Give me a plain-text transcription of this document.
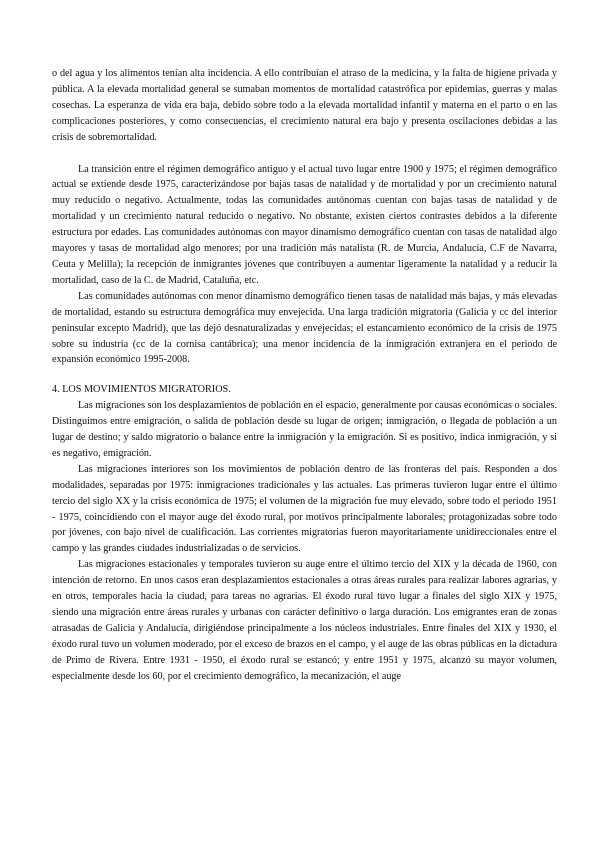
o del agua y los alimentos tenían alta incidencia. A ello contribuían el atraso de la medicina, y la falta de higiene privada y pública. A la elevada mortalidad general se sumaban momentos de mortalidad catastrófica por epidemias, guerras y malas cosechas. La esperanza de vida era baja, debido sobre todo a la elevada mortalidad infantil y materna en el parto o en las complicaciones posteriores, y como consecuencias, el crecimiento natural era bajo y presenta oscilaciones debidas a las crisis de sobremortalidad.

La transición entre el régimen demográfico antiguo y el actual tuvo lugar entre 1900 y 1975; el régimen demográfico actual se extiende desde 1975, caracterizándose por bajas tasas de natalidad y de mortalidad y por un crecimiento natural muy reducido o negativo. Actualmente, todas las comunidades autónomas cuentan con bajas tasas de natalidad y de mortalidad y un crecimiento natural reducido o negativo. No obstante, existen ciertos contrastes debidos a la diferente estructura por edades. Las comunidades autónomas con mayor dinamismo demográfico cuentan con tasas de natalidad algo mayores y tasas de mortalidad algo menores; por una tradición más natalista (R. de Murcia, Andalucía, C.F de Navarra, Ceuta y Melilla); la recepción de inmigrantes jóvenes que contribuyen a aumentar ligeramente la natalidad y a reducir la mortalidad, caso de la C. de Madrid, Cataluña, etc.

Las comunidades autónomas con menor dinamismo demográfico tienen tasas de natalidad más bajas, y más elevadas de mortalidad, estando su estructura demográfica muy envejecida. Una larga tradición migratoria (Galicia y cc del interior peninsular excepto Madrid), que las dejó desnaturalizadas y envejecidas; el estancamiento económico de la crisis de 1975 sobre su industria (cc de la cornisa cantábrica); una menor incidencia de la inmigración extranjera en el periodo de expansión económico 1995-2008.

4. LOS MOVIMIENTOS MIGRATORIOS.

Las migraciones son los desplazamientos de población en el espacio, generalmente por causas económicas o sociales. Distinguimos entre emigración, o salida de población desde su lugar de origen; inmigración, o llegada de población a un lugar de destino; y saldo migratorio o balance entre la inmigración y la emigración. Si es positivo, indica inmigración, y si es negativo, emigración.

Las migraciones interiores son los movimientos de población dentro de las fronteras del país. Responden a dos modalidades, separadas por 1975: inmigraciones tradicionales y las actuales. Las primeras tuvieron lugar entre el último tercio del siglo XX y la crisis económica de 1975; el volumen de la migración fue muy elevado, sobre todo el periodo 1951 - 1975, coincidiendo con el mayor auge del éxodo rural, por motivos principalmente laborales; protagonizadas sobre todo por jóvenes, con bajo nivel de cualificación. Las corrientes migratorias fueron mayoritariamente unidireccionales entre el campo y las grandes ciudades industrializadas o de servicios.

Las migraciones estacionales y temporales tuvieron su auge entre el último tercio del XIX y la década de 1960, con intención de retorno. En unos casos eran desplazamientos estacionales a otras áreas rurales para realizar labores agrarias, y en otros, temporales hacia la ciudad, para tareas no agrarias. El éxodo rural tuvo lugar a finales del siglo XIX y 1975, siendo una migración entre áreas rurales y urbanas con carácter definitivo o larga duración. Los emigrantes eran de zonas atrasadas de Galicia y Andalucía, dirigiéndose principalmente a los núcleos industriales. Entre finales del XIX y 1930, el éxodo rural tuvo un volumen moderado, por el exceso de brazos en el campo, y el auge de las obras públicas en la dictadura de Primo de Rivera. Entre 1931 - 1950, el éxodo rural se estancó; y entre 1951 y 1975, alcanzó su mayor volumen, especialmente desde los 60, por el crecimiento demográfico, la mecanización, el auge
